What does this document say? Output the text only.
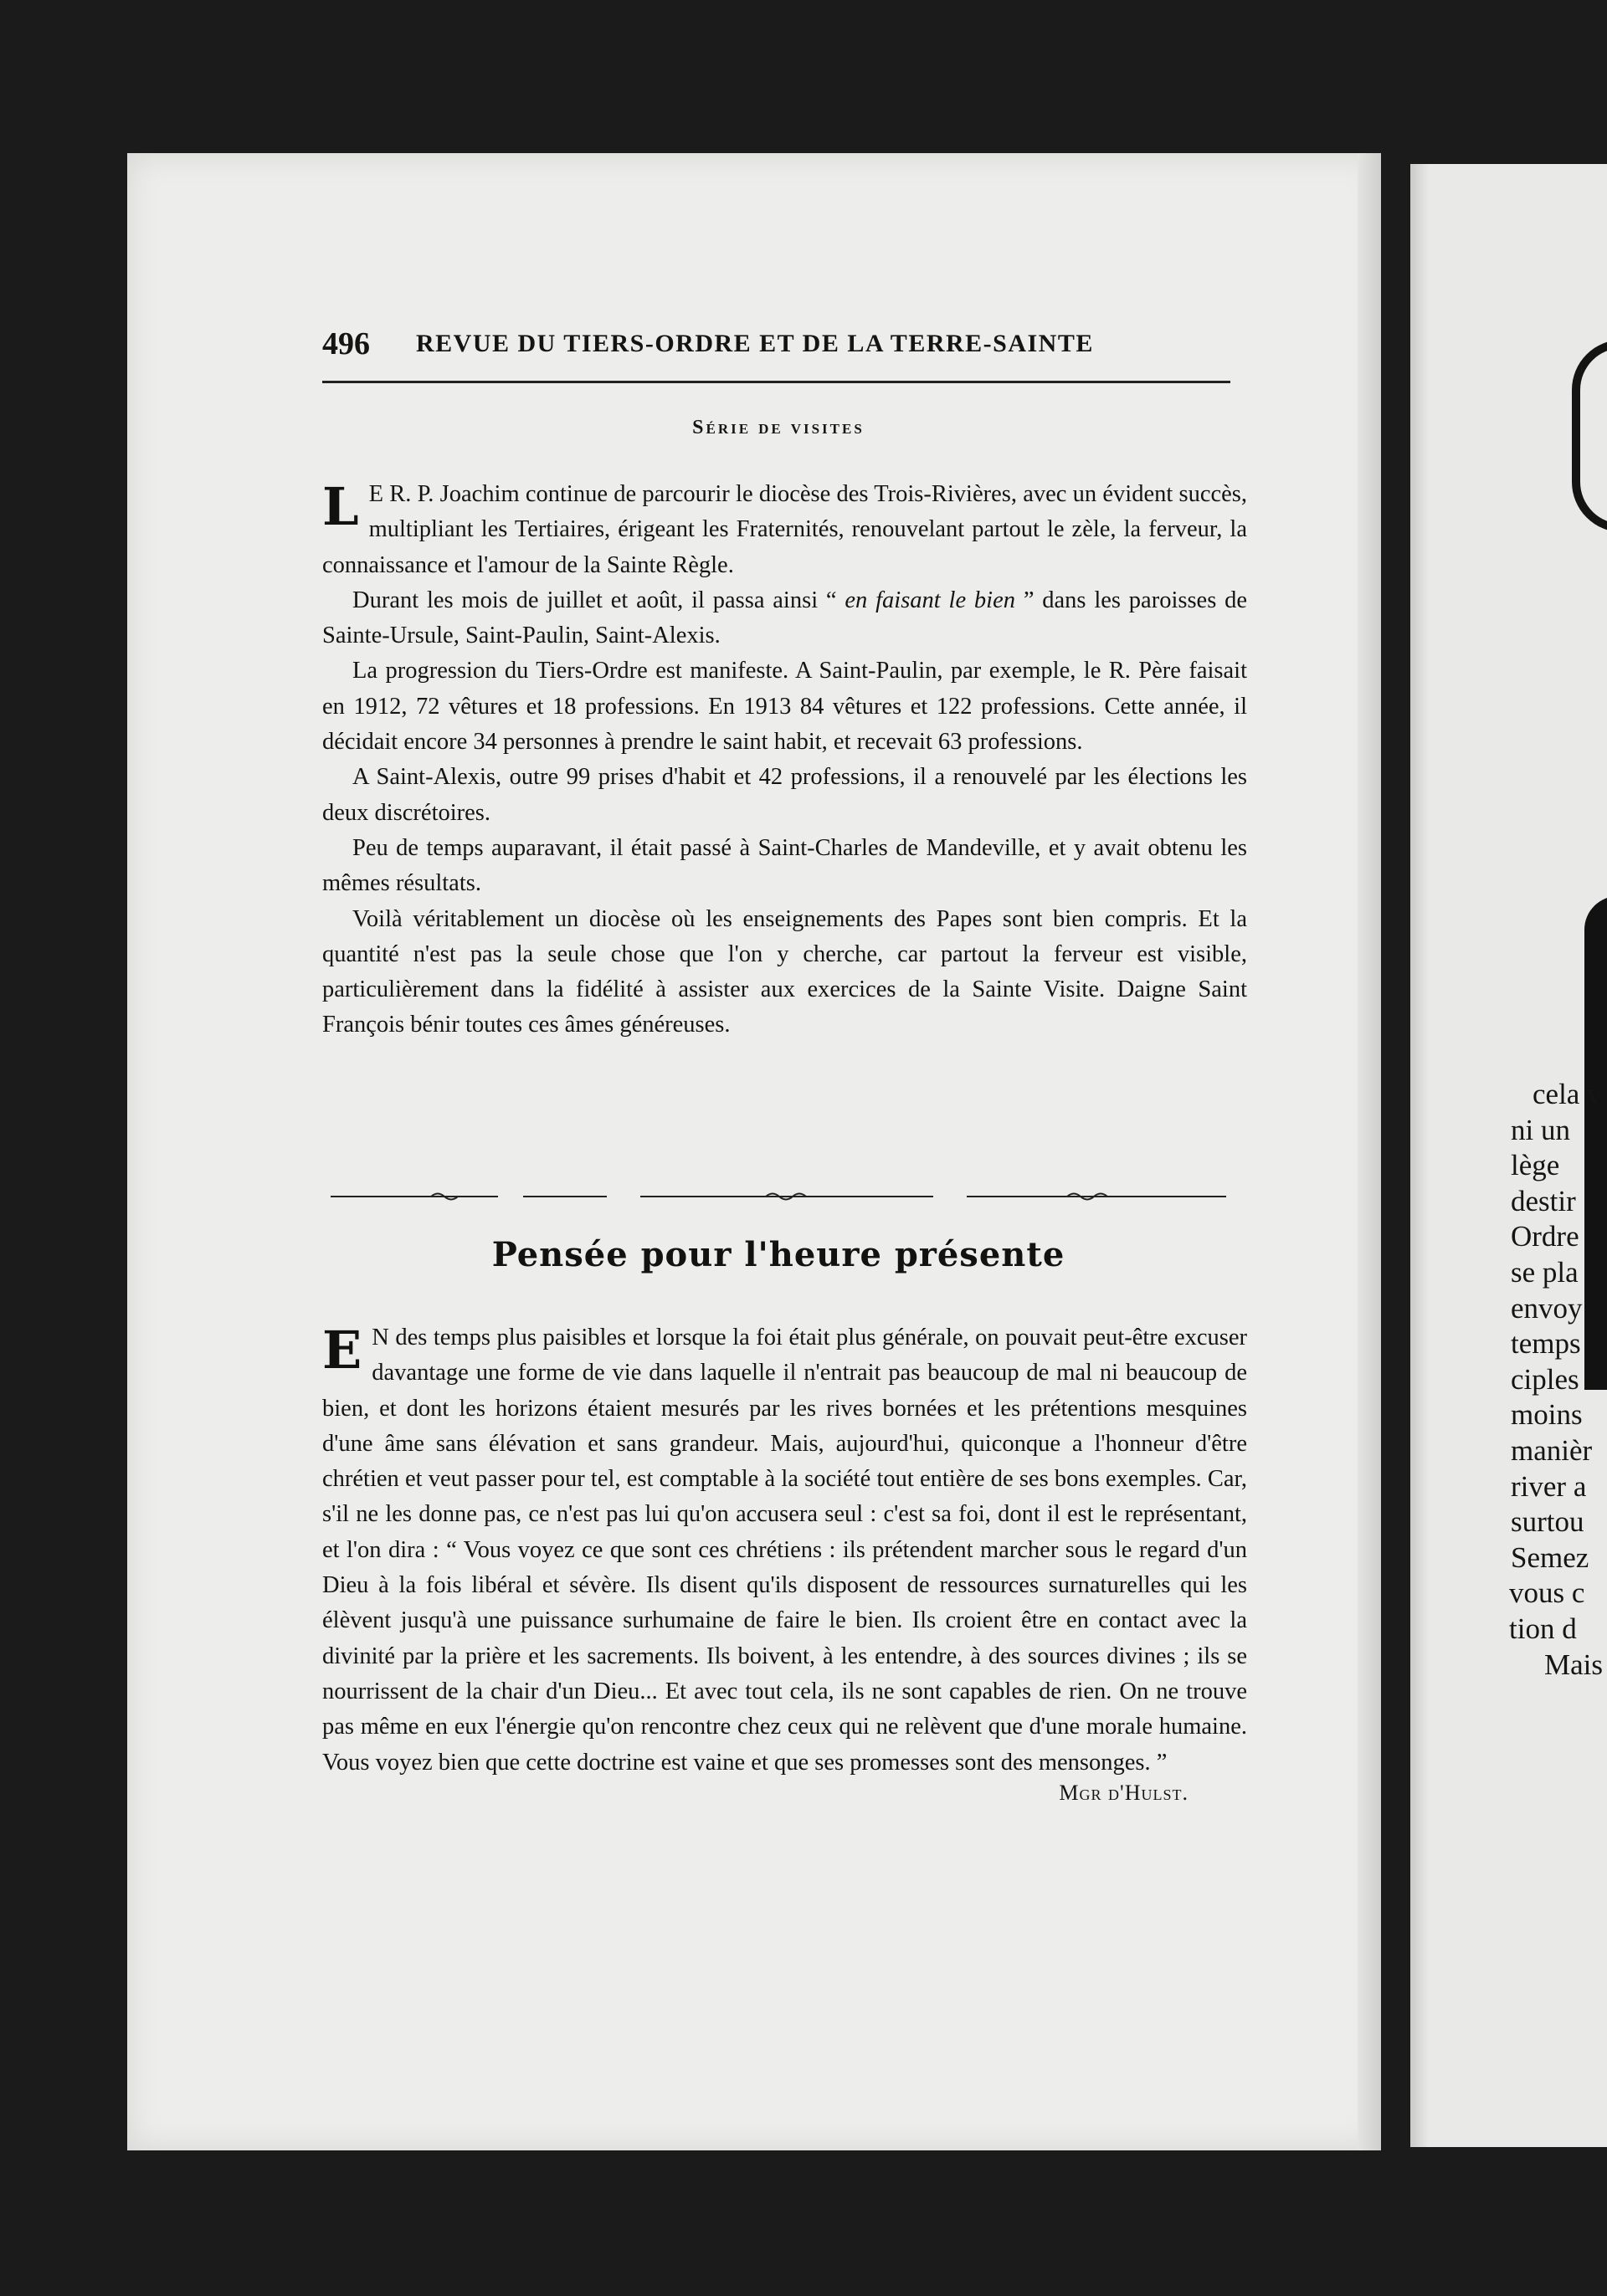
cela v
ni un
lège
destir
Ordre
se pla
envoy
temps
ciples
moins
manièr
river a
surtou
Semez
vous c
tion d
Mais
496 REVUE DU TIERS-ORDRE ET DE LA TERRE-SAINTE
Série de visites

L E R. P. Joachim continue de parcourir le diocèse des Trois-Rivières, avec un évident succès, multipliant les Tertiaires, érigeant les Fraternités, renouvelant partout le zèle, la ferveur, la connaissance et l'amour de la Sainte Règle.

Durant les mois de juillet et août, il passa ainsi “ en faisant le bien ” dans les paroisses de Sainte-Ursule, Saint-Paulin, Saint-Alexis.

La progression du Tiers-Ordre est manifeste. A Saint-Paulin, par exemple, le R. Père faisait en 1912, 72 vêtures et 18 professions. En 1913 84 vêtures et 122 professions. Cette année, il décidait encore 34 personnes à prendre le saint habit, et recevait 63 professions.

A Saint-Alexis, outre 99 prises d'habit et 42 professions, il a renouvelé par les élections les deux discrétoires.

Peu de temps auparavant, il était passé à Saint-Charles de Mandeville, et y avait obtenu les mêmes résultats.

Voilà véritablement un diocèse où les enseignements des Papes sont bien compris. Et la quantité n'est pas la seule chose que l'on y cherche, car partout la ferveur est visible, particulièrement dans la fidélité à assister aux exercices de la Sainte Visite. Daigne Saint François bénir toutes ces âmes généreuses.

Pensée pour l'heure présente

E N des temps plus paisibles et lorsque la foi était plus générale, on pouvait peut-être excuser davantage une forme de vie dans laquelle il n'entrait pas beaucoup de mal ni beaucoup de bien, et dont les horizons étaient mesurés par les rives bornées et les prétentions mesquines d'une âme sans élévation et sans grandeur. Mais, aujourd'hui, quiconque a l'honneur d'être chrétien et veut passer pour tel, est comptable à la société tout entière de ses bons exemples. Car, s'il ne les donne pas, ce n'est pas lui qu'on accusera seul : c'est sa foi, dont il est le représentant, et l'on dira : “ Vous voyez ce que sont ces chrétiens : ils prétendent marcher sous le regard d'un Dieu à la fois libéral et sévère. Ils disent qu'ils disposent de ressources surnaturelles qui les élèvent jusqu'à une puissance surhumaine de faire le bien. Ils croient être en contact avec la divinité par la prière et les sacrements. Ils boivent, à les entendre, à des sources divines ; ils se nourrissent de la chair d'un Dieu... Et avec tout cela, ils ne sont capables de rien. On ne trouve pas même en eux l'énergie qu'on rencontre chez ceux qui ne relèvent que d'une morale humaine. Vous voyez bien que cette doctrine est vaine et que ses promesses sont des mensonges. ”

Mgr d'Hulst.
